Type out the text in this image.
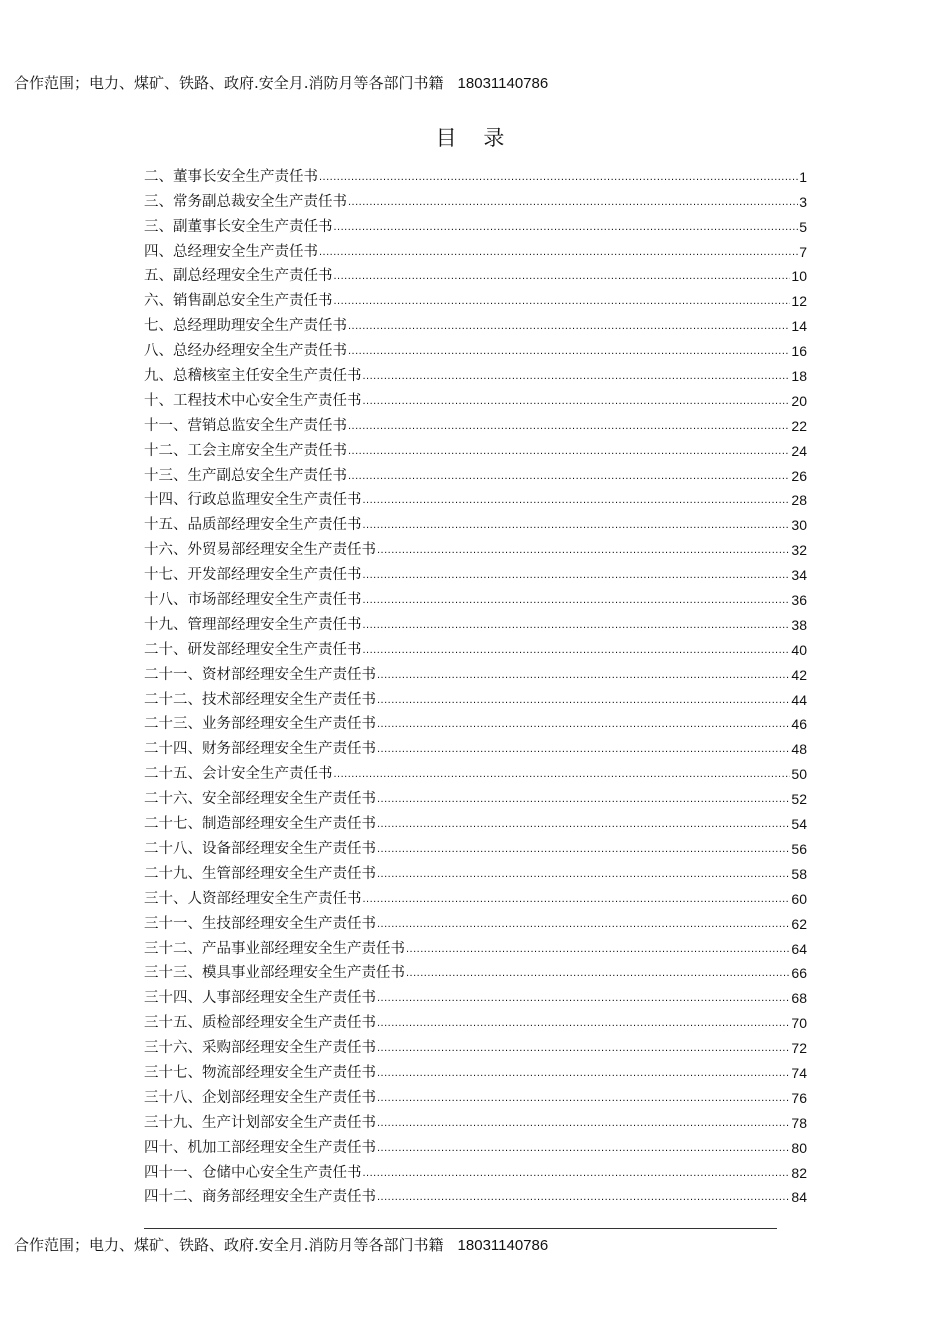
合作范围；电力、煤矿、铁路、政府.安全月.消防月等各部门书籍 18031140786
目 录
二、董事长安全生产责任书 .....	1
三、常务副总裁安全生产责任书 .....	3
三、副董事长安全生产责任书 .....	5
四、总经理安全生产责任书 .....	7
五、副总经理安全生产责任书 .....	10
六、销售副总安全生产责任书 .....	12
七、总经理助理安全生产责任书 .....	14
八、总经办经理安全生产责任书 .....	16
九、总稽核室主任安全生产责任书 .....	18
十、工程技术中心安全生产责任书 .....	20
十一、营销总监安全生产责任书 .....	22
十二、工会主席安全生产责任书 .....	24
十三、生产副总安全生产责任书 .....	26
十四、行政总监理安全生产责任书 .....	28
十五、品质部经理安全生产责任书 .....	30
十六、外贸易部经理安全生产责任书 .....	32
十七、开发部经理安全生产责任书 .....	34
十八、市场部经理安全生产责任书 .....	36
十九、管理部经理安全生产责任书 .....	38
二十、研发部经理安全生产责任书 .....	40
二十一、资材部经理安全生产责任书 .....	42
二十二、技术部经理安全生产责任书 .....	44
二十三、业务部经理安全生产责任书 .....	46
二十四、财务部经理安全生产责任书 .....	48
二十五、会计安全生产责任书 .....	50
二十六、安全部经理安全生产责任书 .....	52
二十七、制造部经理安全生产责任书 .....	54
二十八、设备部经理安全生产责任书 .....	56
二十九、生管部经理安全生产责任书 .....	58
三十、人资部经理安全生产责任书 .....	60
三十一、生技部经理安全生产责任书 .....	62
三十二、产品事业部经理安全生产责任书 .....	64
三十三、模具事业部经理安全生产责任书 .....	66
三十四、人事部经理安全生产责任书 .....	68
三十五、质检部经理安全生产责任书 .....	70
三十六、采购部经理安全生产责任书 .....	72
三十七、物流部经理安全生产责任书 .....	74
三十八、企划部经理安全生产责任书 .....	76
三十九、生产计划部安全生产责任书 .....	78
四十、机加工部经理安全生产责任书 .....	80
四十一、仓储中心安全生产责任书 .....	82
四十二、商务部经理安全生产责任书 .....	84
合作范围；电力、煤矿、铁路、政府.安全月.消防月等各部门书籍 18031140786
